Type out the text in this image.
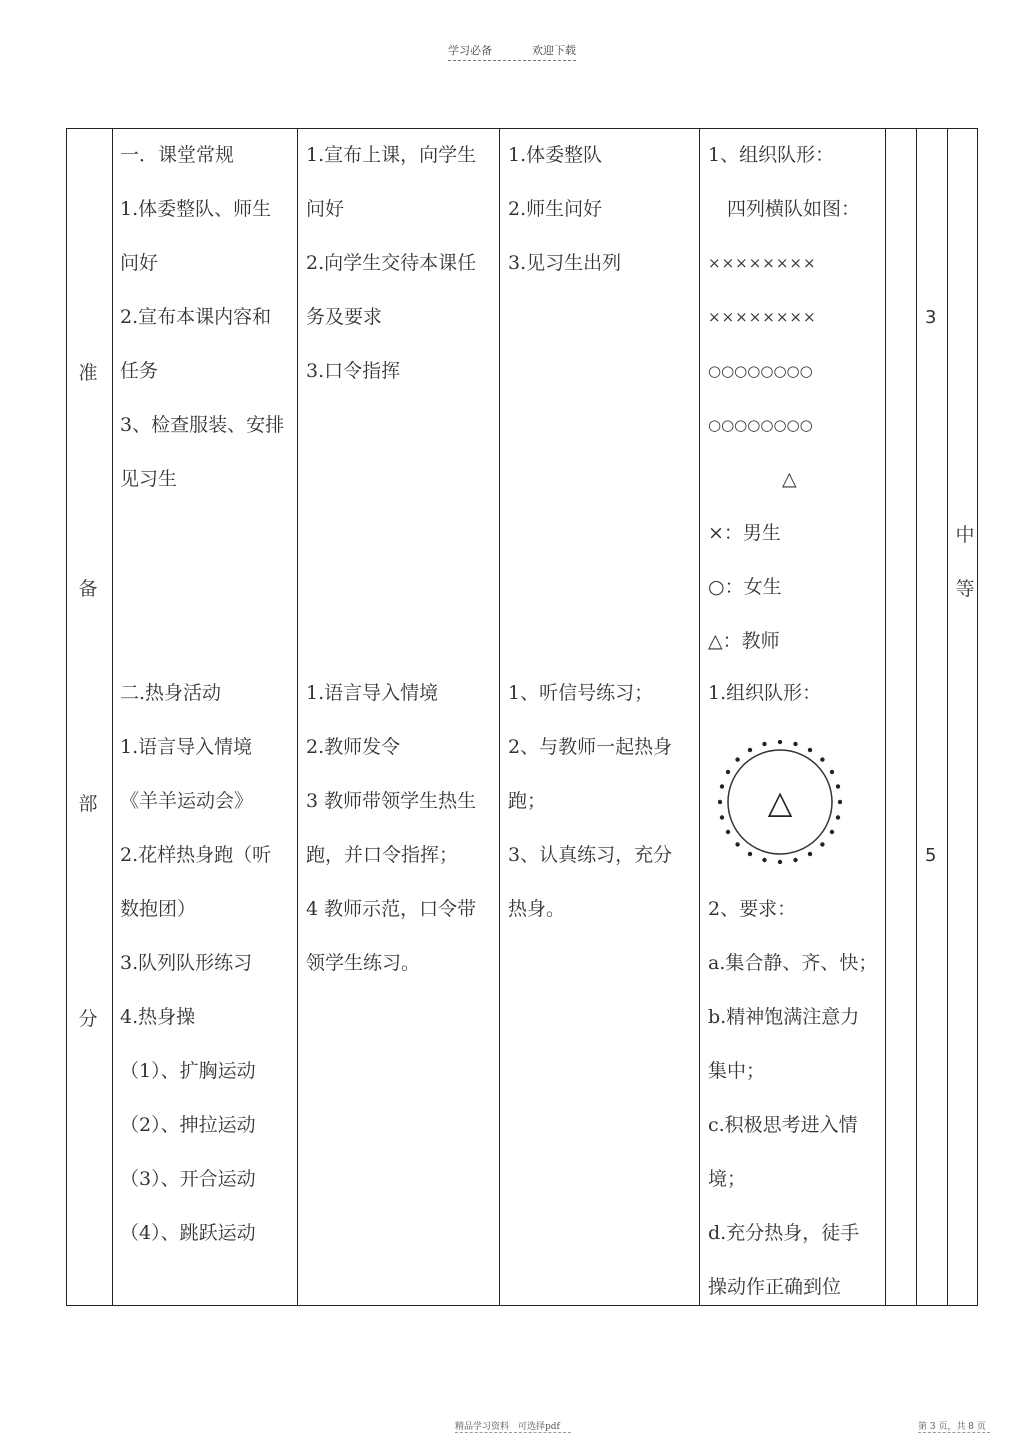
学习必备	欢迎下载
准
备
部
分
一．课堂常规
1.体委整队、师生
问好
2.宣布本课内容和
任务
3、检查服装、安排
见习生
1.宣布上课，向学生
问好
2.向学生交待本课任
务及要求
3.口令指挥
1.体委整队
2.师生问好
3.见习生出列
1、组织队形：
　四列横队如图：
××××××××
××××××××
○○○○○○○○
○○○○○○○○
△
×：男生
○：女生
△：教师
3
二.热身活动
1.语言导入情境
《羊羊运动会》
2.花样热身跑（听
数抱团）
3.队列队形练习
4.热身操
（1）、扩胸运动
（2）、抻拉运动
（3）、开合运动
（4）、跳跃运动
1.语言导入情境
2.教师发令
3 教师带领学生热生
跑，并口令指挥；
4 教师示范，口令带
领学生练习。
1、听信号练习；
2、与教师一起热身
跑；
3、认真练习，充分
热身。
1.组织队形：
△
2、要求：
a.集合静、齐、快；
b.精神饱满注意力
集中；
c.积极思考进入情
境；
d.充分热身，徒手
操动作正确到位
5
中
等
精品学习资料 可选择pdf	第 3 页，共 8 页
